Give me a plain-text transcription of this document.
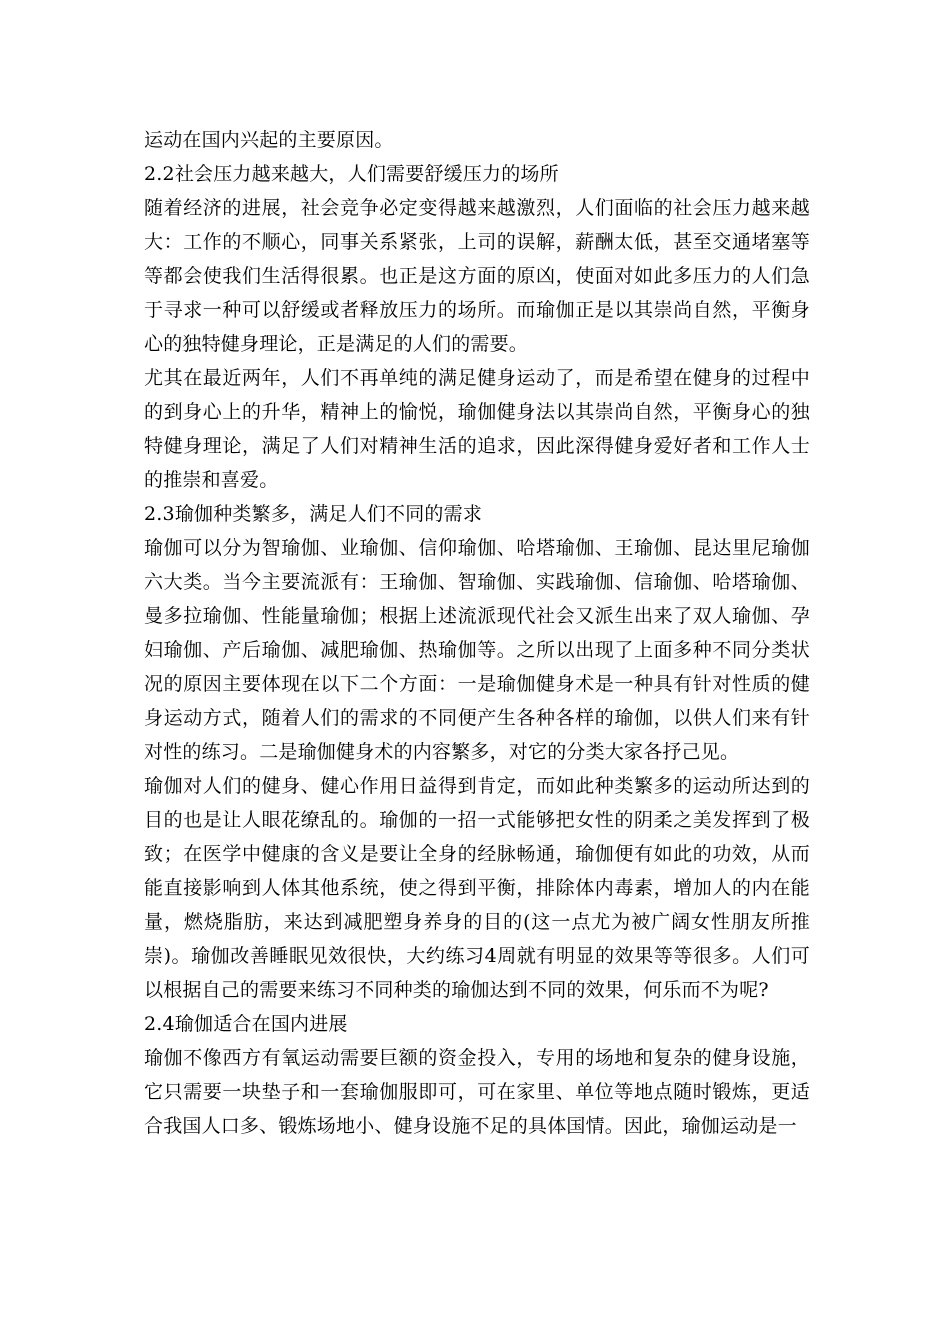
运动在国内兴起的主要原因。

2.2社会压力越来越大，人们需要舒缓压力的场所

随着经济的进展，社会竞争必定变得越来越激烈，人们面临的社会压力越来越大：工作的不顺心，同事关系紧张，上司的误解，薪酬太低，甚至交通堵塞等等都会使我们生活得很累。也正是这方面的原凶，使面对如此多压力的人们急于寻求一种可以舒缓或者释放压力的场所。而瑜伽正是以其崇尚自然，平衡身心的独特健身理论，正是满足的人们的需要。

尤其在最近两年，人们不再单纯的满足健身运动了，而是希望在健身的过程中的到身心上的升华，精神上的愉悦，瑜伽健身法以其崇尚自然，平衡身心的独特健身理论，满足了人们对精神生活的追求，因此深得健身爱好者和工作人士的推崇和喜爱。

2.3瑜伽种类繁多，满足人们不同的需求

瑜伽可以分为智瑜伽、业瑜伽、信仰瑜伽、哈塔瑜伽、王瑜伽、昆达里尼瑜伽六大类。当今主要流派有：王瑜伽、智瑜伽、实践瑜伽、信瑜伽、哈塔瑜伽、曼多拉瑜伽、性能量瑜伽；根据上述流派现代社会又派生出来了双人瑜伽、孕妇瑜伽、产后瑜伽、减肥瑜伽、热瑜伽等。之所以出现了上面多种不同分类状况的原因主要体现在以下二个方面：一是瑜伽健身术是一种具有针对性质的健身运动方式，随着人们的需求的不同便产生各种各样的瑜伽，以供人们来有针对性的练习。二是瑜伽健身术的内容繁多，对它的分类大家各抒己见。

瑜伽对人们的健身、健心作用日益得到肯定，而如此种类繁多的运动所达到的目的也是让人眼花缭乱的。瑜伽的一招一式能够把女性的阴柔之美发挥到了极致；在医学中健康的含义是要让全身的经脉畅通，瑜伽便有如此的功效，从而能直接影响到人体其他系统，使之得到平衡，排除体内毒素，增加人的内在能量，燃烧脂肪，来达到减肥塑身养身的目的(这一点尤为被广阔女性朋友所推崇)。瑜伽改善睡眠见效很快，大约练习4周就有明显的效果等等很多。人们可以根据自己的需要来练习不同种类的瑜伽达到不同的效果，何乐而不为呢?

2.4瑜伽适合在国内进展

瑜伽不像西方有氧运动需要巨额的资金投入，专用的场地和复杂的健身设施，它只需要一块垫子和一套瑜伽服即可，可在家里、单位等地点随时锻炼，更适合我国人口多、锻炼场地小、健身设施不足的具体国情。因此，瑜伽运动是一
